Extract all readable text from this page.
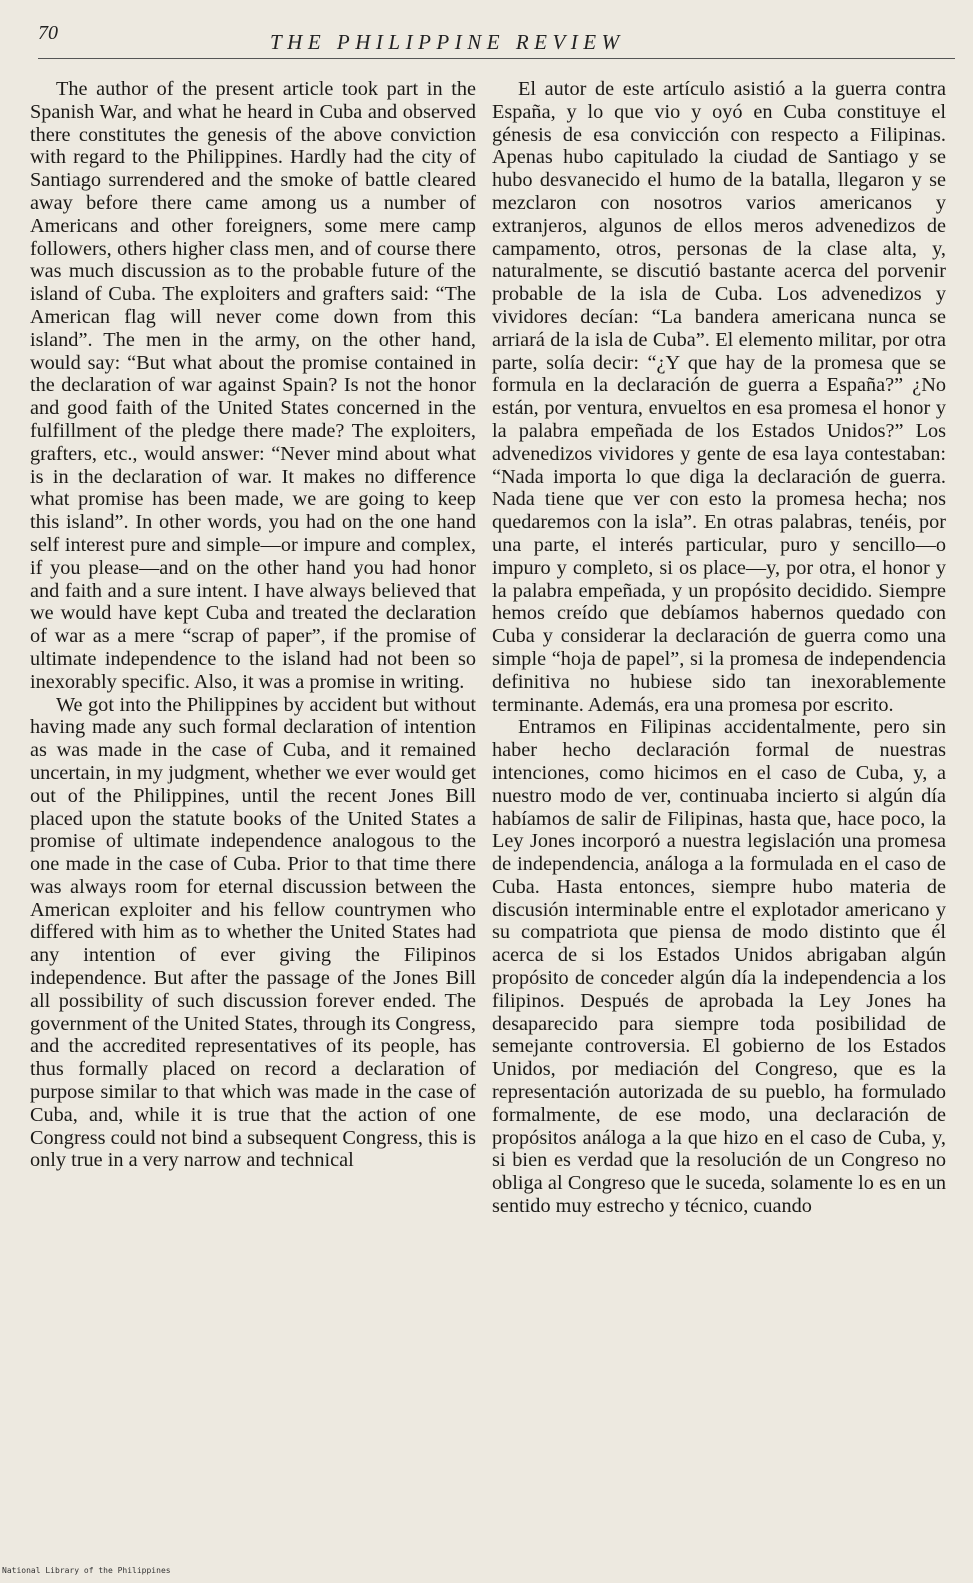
70	THE PHILIPPINE REVIEW

The author of the present article took part in the Spanish War, and what he heard in Cuba and observed there constitutes the genesis of the above conviction with regard to the Philippines. Hardly had the city of Santiago surrendered and the smoke of battle cleared away before there came among us a number of Americans and other foreigners, some mere camp followers, others higher class men, and of course there was much discussion as to the probable future of the island of Cuba. The exploiters and grafters said: “The American flag will never come down from this island”. The men in the army, on the other hand, would say: “But what about the promise contained in the declaration of war against Spain? Is not the honor and good faith of the United States concerned in the fulfillment of the pledge there made? The exploiters, grafters, etc., would answer: “Never mind about what is in the declaration of war. It makes no difference what promise has been made, we are going to keep this island”. In other words, you had on the one hand self interest pure and simple—or impure and complex, if you please—and on the other hand you had honor and faith and a sure intent. I have always believed that we would have kept Cuba and treated the declaration of war as a mere “scrap of paper”, if the promise of ultimate independence to the island had not been so inexorably specific. Also, it was a promise in writing.

We got into the Philippines by accident but without having made any such formal declaration of intention as was made in the case of Cuba, and it remained uncertain, in my judgment, whether we ever would get out of the Philippines, until the recent Jones Bill placed upon the statute books of the United States a promise of ultimate independence analogous to the one made in the case of Cuba. Prior to that time there was always room for eternal discussion between the American exploiter and his fellow countrymen who differed with him as to whether the United States had any intention of ever giving the Filipinos independence. But after the passage of the Jones Bill all possibility of such discussion forever ended. The government of the United States, through its Congress, and the accredited representatives of its people, has thus formally placed on record a declaration of purpose similar to that which was made in the case of Cuba, and, while it is true that the action of one Congress could not bind a subsequent Congress, this is only true in a very narrow and technical

El autor de este artículo asistió a la guerra contra España, y lo que vio y oyó en Cuba constituye el génesis de esa convicción con respecto a Filipinas. Apenas hubo capitulado la ciudad de Santiago y se hubo desvanecido el humo de la batalla, llegaron y se mezclaron con nosotros varios americanos y extranjeros, algunos de ellos meros advenedizos de campamento, otros, personas de la clase alta, y, naturalmente, se discutió bastante acerca del porvenir probable de la isla de Cuba. Los advenedizos y vividores decían: “La bandera americana nunca se arriará de la isla de Cuba”. El elemento militar, por otra parte, solía decir: “¿Y que hay de la promesa que se formula en la declaración de guerra a España?” ¿No están, por ventura, envueltos en esa promesa el honor y la palabra empeñada de los Estados Unidos?” Los advenedizos vividores y gente de esa laya contestaban: “Nada importa lo que diga la declaración de guerra. Nada tiene que ver con esto la promesa hecha; nos quedaremos con la isla”. En otras palabras, tenéis, por una parte, el interés particular, puro y sencillo—o impuro y completo, si os place—y, por otra, el honor y la palabra empeñada, y un propósito decidido. Siempre hemos creído que debíamos habernos quedado con Cuba y considerar la declaración de guerra como una simple “hoja de papel”, si la promesa de independencia definitiva no hubiese sido tan inexorablemente terminante. Además, era una promesa por escrito.

Entramos en Filipinas accidentalmente, pero sin haber hecho declaración formal de nuestras intenciones, como hicimos en el caso de Cuba, y, a nuestro modo de ver, continuaba incierto si algún día habíamos de salir de Filipinas, hasta que, hace poco, la Ley Jones incorporó a nuestra legislación una promesa de independencia, análoga a la formulada en el caso de Cuba. Hasta entonces, siempre hubo materia de discusión interminable entre el explotador americano y su compatriota que piensa de modo distinto que él acerca de si los Estados Unidos abrigaban algún propósito de conceder algún día la independencia a los filipinos. Después de aprobada la Ley Jones ha desaparecido para siempre toda posibilidad de semejante controversia. El gobierno de los Estados Unidos, por mediación del Congreso, que es la representación autorizada de su pueblo, ha formulado formalmente, de ese modo, una declaración de propósitos análoga a la que hizo en el caso de Cuba, y, si bien es verdad que la resolución de un Congreso no obliga al Congreso que le suceda, solamente lo es en un sentido muy estrecho y técnico, cuando

National Library of the Philippines
